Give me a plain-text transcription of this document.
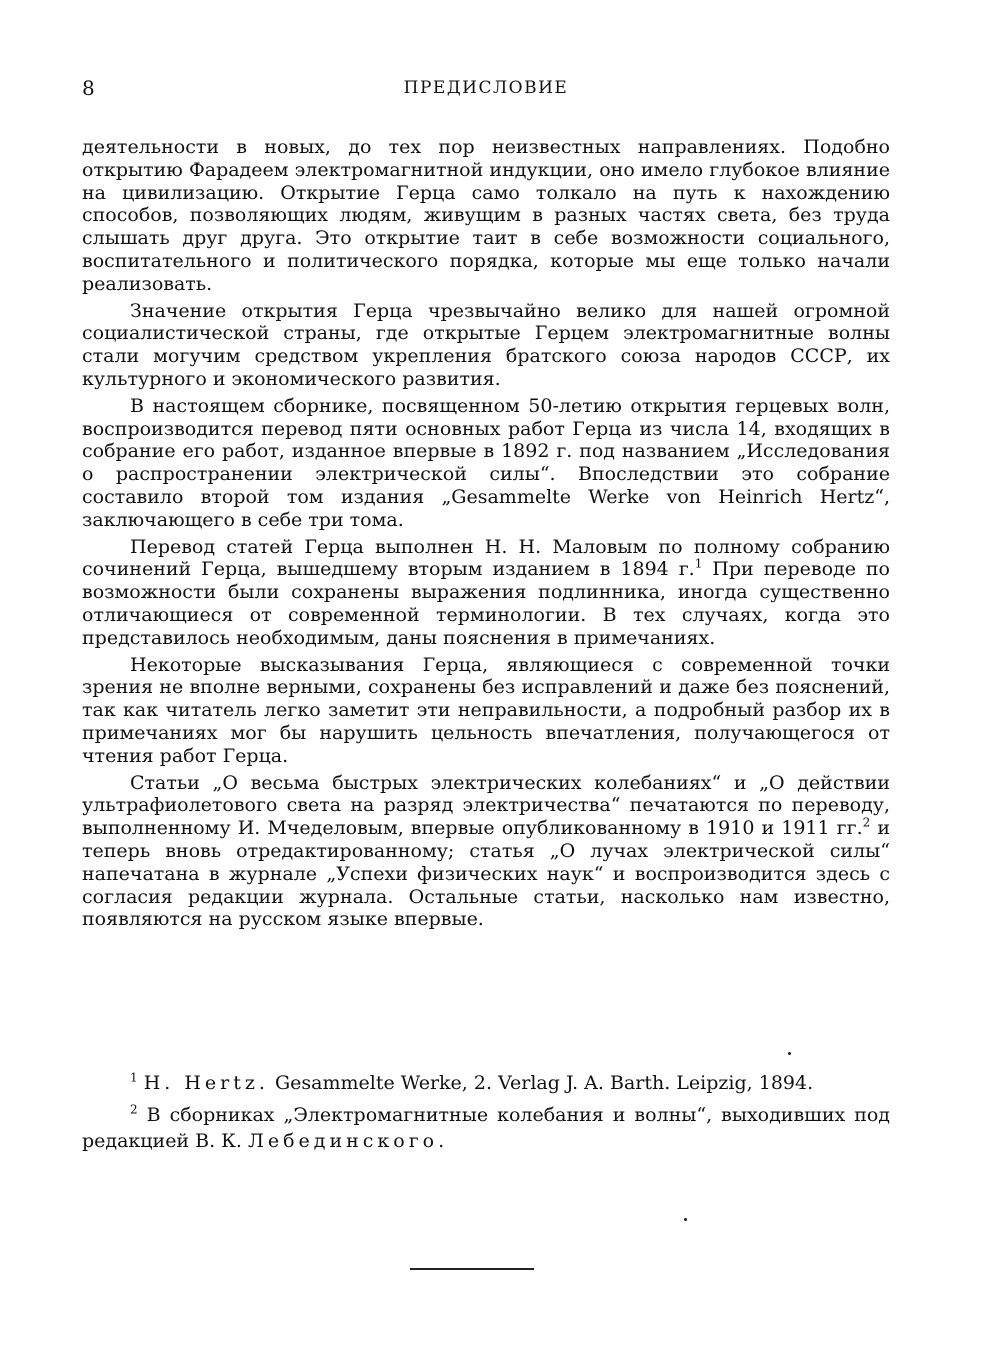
8	ПРЕДИСЛОВИЕ

деятельности в новых, до тех пор неизвестных направлениях. Подобно открытию Фарадеем электромагнитной индукции, оно имело глубокое влияние на цивилизацию. Открытие Герца само толкало на путь к нахождению способов, позволяющих людям, живущим в разных частях света, без труда слышать друг друга. Это открытие таит в себе возможности социального, воспитательного и политического порядка, которые мы еще только начали реализовать.

Значение открытия Герца чрезвычайно велико для нашей огромной социалистической страны, где открытые Герцем электромагнитные волны стали могучим средством укрепления братского союза народов СССР, их культурного и экономического развития.

В настоящем сборнике, посвященном 50-летию открытия герцевых волн, воспроизводится перевод пяти основных работ Герца из числа 14, входящих в собрание его работ, изданное впервые в 1892 г. под названием „Исследования о распространении электрической силы“. Впоследствии это собрание составило второй том издания „Gesammelte Werke von Heinrich Hertz“, заключающего в себе три тома.

Перевод статей Герца выполнен Н. Н. Маловым по полному собранию сочинений Герца, вышедшему вторым изданием в 1894 г.$^1$ При переводе по возможности были сохранены выражения подлинника, иногда существенно отличающиеся от современной терминологии. В тех случаях, когда это представилось необходимым, даны пояснения в примечаниях.

Некоторые высказывания Герца, являющиеся с современной точки зрения не вполне верными, сохранены без исправлений и даже без пояснений, так как читатель легко заметит эти неправильности, а подробный разбор их в примечаниях мог бы нарушить цельность впечатления, получающегося от чтения работ Герца.

Статьи „О весьма быстрых электрических колебаниях“ и „О действии ультрафиолетового света на разряд электричества“ печатаются по переводу, выполненному И. Мчеделовым, впервые опубликованному в 1910 и 1911 гг.$^2$ и теперь вновь отредактированному; статья „О лучах электрической силы“ напечатана в журнале „Успехи физических наук“ и воспроизводится здесь с согласия редакции журнала. Остальные статьи, насколько нам известно, появляются на русском языке впервые.

$^1$ H. Hertz. Gesammelte Werke, 2. Verlag J. A. Barth. Leipzig, 1894.

$^2$ В сборниках „Электромагнитные колебания и волны“, выходивших под редакцией В. К. Лебединского.
